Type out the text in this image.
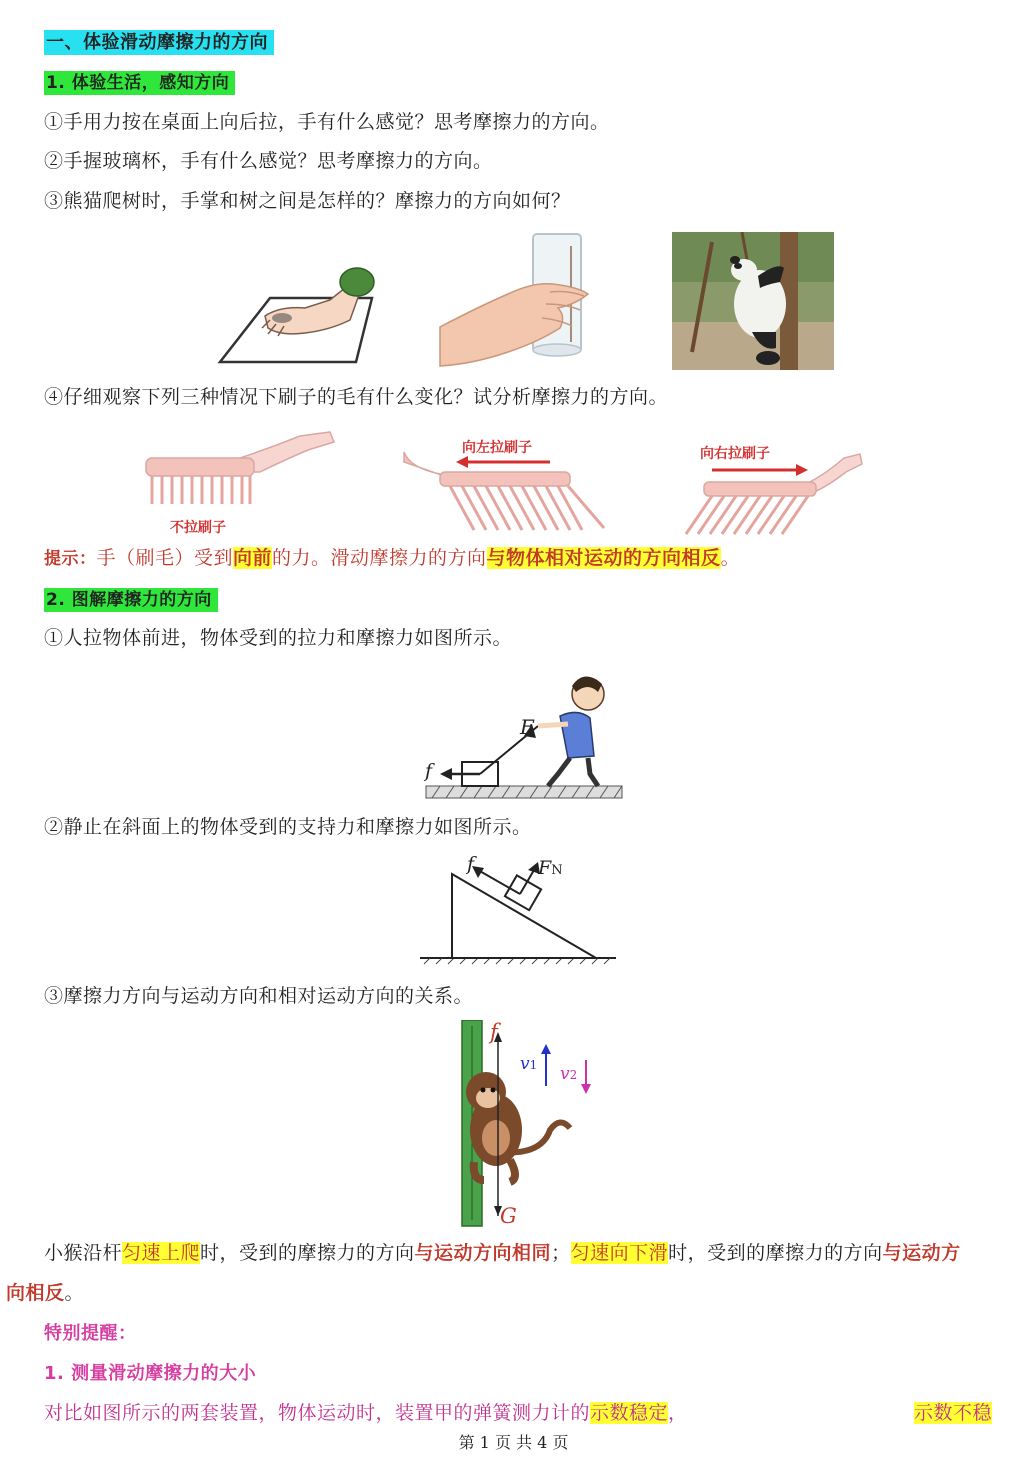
一、体验滑动摩擦力的方向
1. 体验生活，感知方向
①手用力按在桌面上向后拉，手有什么感觉？思考摩擦力的方向。
②手握玻璃杯，手有什么感觉？思考摩擦力的方向。
③熊猫爬树时，手掌和树之间是怎样的？摩擦力的方向如何？
④仔细观察下列三种情况下刷子的毛有什么变化？试分析摩擦力的方向。
不拉刷子
向左拉刷子	向右拉刷子
提示：手（刷毛）受到向前的力。滑动摩擦力的方向与物体相对运动的方向相反。
2. 图解摩擦力的方向
①人拉物体前进，物体受到的拉力和摩擦力如图所示。
F
f
②静止在斜面上的物体受到的支持力和摩擦力如图所示。
f	FN
③摩擦力方向与运动方向和相对运动方向的关系。
f
v1 v2
G
小猴沿杆匀速上爬时，受到的摩擦力的方向与运动方向相同；匀速向下滑时，受到的摩擦力的方向与运动方
向相反。
特别提醒：
1. 测量滑动摩擦力的大小
对比如图所示的两套装置，物体运动时，装置甲的弹簧测力计的示数稳定，	示数不稳
第 1 页 共 4 页
